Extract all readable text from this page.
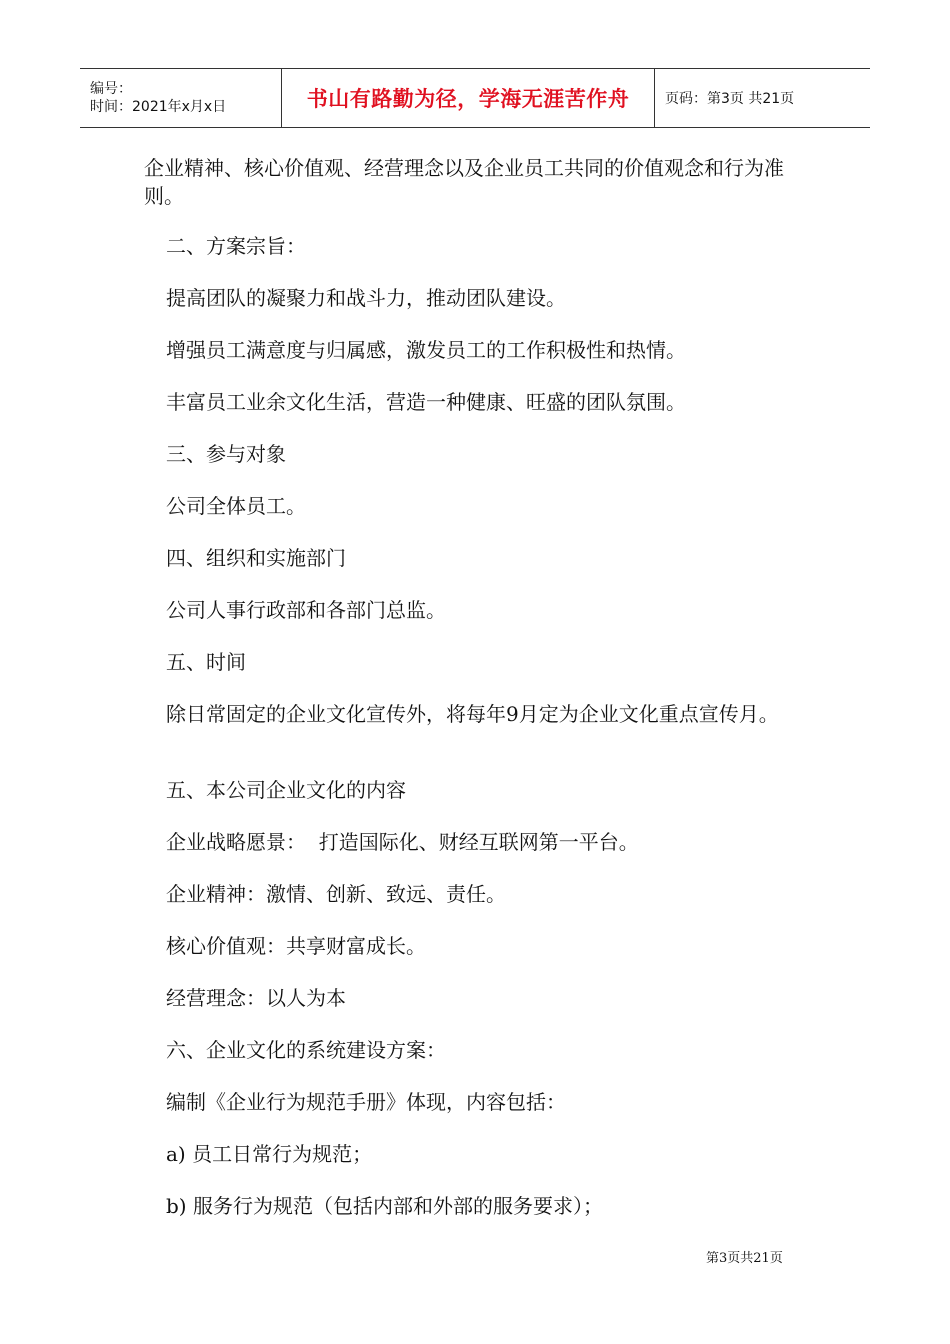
编号：
时间：2021年x月x日	书山有路勤为径，学海无涯苦作舟	页码：第3页 共21页
企业精神、核心价值观、经营理念以及企业员工共同的价值观念和行为准则。
二、方案宗旨：
提高团队的凝聚力和战斗力，推动团队建设。
增强员工满意度与归属感，激发员工的工作积极性和热情。
丰富员工业余文化生活，营造一种健康、旺盛的团队氛围。
三、参与对象
公司全体员工。
四、组织和实施部门
公司人事行政部和各部门总监。
五、时间
除日常固定的企业文化宣传外，将每年9月定为企业文化重点宣传月。
五、本公司企业文化的内容
企业战略愿景：  打造国际化、财经互联网第一平台。
企业精神：激情、创新、致远、责任。
核心价值观：共享财富成长。
经营理念：以人为本
六、企业文化的系统建设方案：
编制《企业行为规范手册》体现，内容包括：
a) 员工日常行为规范；
b) 服务行为规范（包括内部和外部的服务要求）；
第3页共21页
